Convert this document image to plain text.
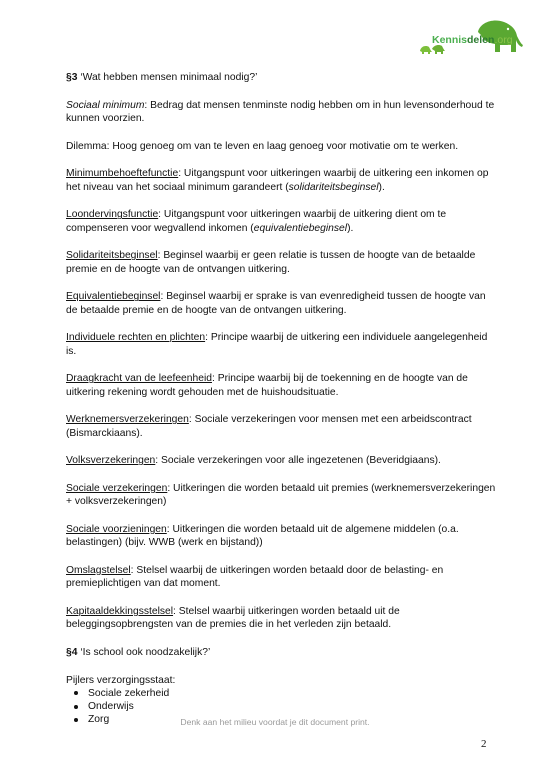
Kennisdelen.org

§3 ‘Wat hebben mensen minimaal nodig?’

Sociaal minimum: Bedrag dat mensen tenminste nodig hebben om in hun levensonderhoud te kunnen voorzien.

Dilemma: Hoog genoeg om van te leven en laag genoeg voor motivatie om te werken.

Minimumbehoeftefunctie: Uitgangspunt voor uitkeringen waarbij de uitkering een inkomen op het niveau van het sociaal minimum garandeert (solidariteitsbeginsel).

Loondervingsfunctie: Uitgangspunt voor uitkeringen waarbij de uitkering dient om te compenseren voor wegvallend inkomen (equivalentiebeginsel).

Solidariteitsbeginsel: Beginsel waarbij er geen relatie is tussen de hoogte van de betaalde premie en de hoogte van de ontvangen uitkering.

Equivalentiebeginsel: Beginsel waarbij er sprake is van evenredigheid tussen de hoogte van de betaalde premie en de hoogte van de ontvangen uitkering.

Individuele rechten en plichten: Principe waarbij de uitkering een individuele aangelegenheid is.

Draagkracht van de leefeenheid: Principe waarbij bij de toekenning en de hoogte van de uitkering rekening wordt gehouden met de huishoudsituatie.

Werknemersverzekeringen: Sociale verzekeringen voor mensen met een arbeidscontract (Bismarckiaans).

Volksverzekeringen: Sociale verzekeringen voor alle ingezetenen (Beveridgiaans).

Sociale verzekeringen: Uitkeringen die worden betaald uit premies (werknemersverzekeringen + volksverzekeringen)

Sociale voorzieningen: Uitkeringen die worden betaald uit de algemene middelen (o.a. belastingen) (bijv. WWB (werk en bijstand))

Omslagstelsel: Stelsel waarbij de uitkeringen worden betaald door de belasting- en premieplichtigen van dat moment.

Kapitaaldekkingsstelsel: Stelsel waarbij uitkeringen worden betaald uit de beleggingsopbrengsten van de premies die in het verleden zijn betaald.

§4 ‘Is school ook noodzakelijk?’

Pijlers verzorgingsstaat:
Sociale zekerheid
Onderwijs
Zorg	Denk aan het milieu voordat je dit document print.
2
